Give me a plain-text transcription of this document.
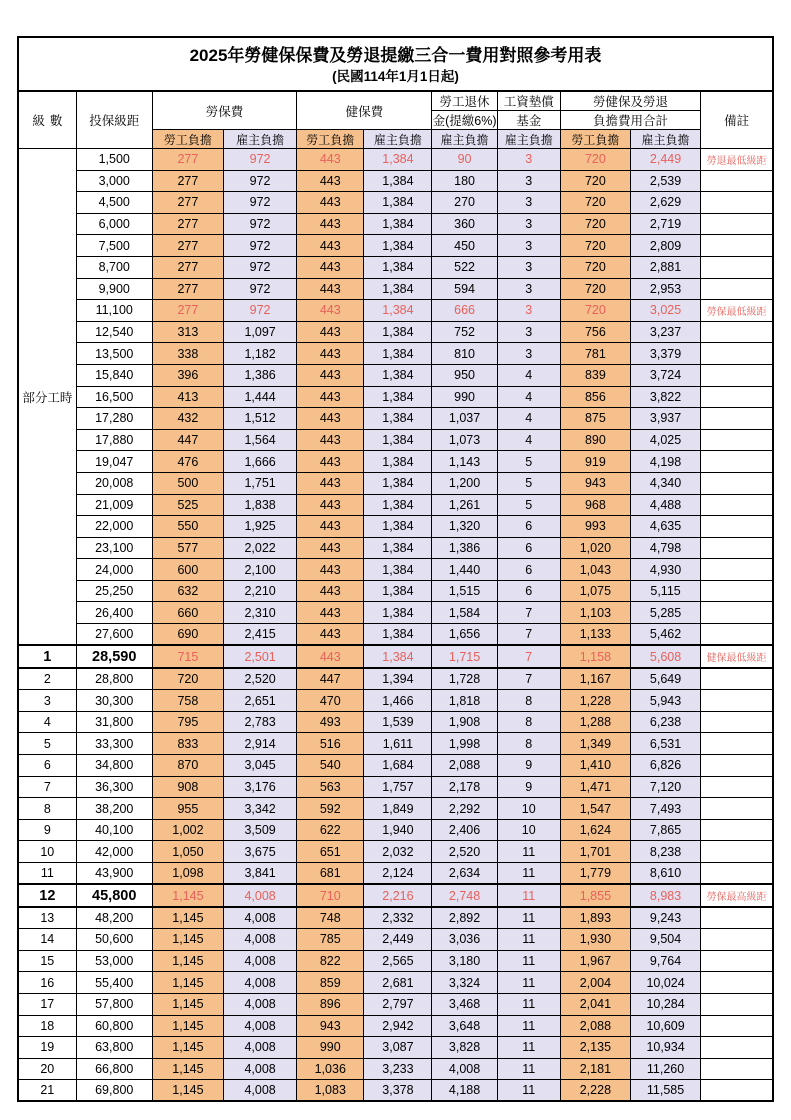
2025年勞健保保費及勞退提繳三合一費用對照參考用表
(民國114年1月1日起)										

級數	投保級距	勞保費		健保費		勞工退休	工資墊償	勞健保及勞退		備註
						金(提繳6%)	基金	負擔費用合計		
		勞工負擔	雇主負擔	勞工負擔	雇主負擔	雇主負擔	雇主負擔	勞工負擔	雇主負擔	
部分工時	1,500	277	972	443	1,384	90	3	720	2,449	勞退最低級距
	3,000	277	972	443	1,384	180	3	720	2,539	
	4,500	277	972	443	1,384	270	3	720	2,629	
	6,000	277	972	443	1,384	360	3	720	2,719	
	7,500	277	972	443	1,384	450	3	720	2,809	
	8,700	277	972	443	1,384	522	3	720	2,881	
	9,900	277	972	443	1,384	594	3	720	2,953	
	11,100	277	972	443	1,384	666	3	720	3,025	勞保最低級距
	12,540	313	1,097	443	1,384	752	3	756	3,237	
	13,500	338	1,182	443	1,384	810	3	781	3,379	
	15,840	396	1,386	443	1,384	950	4	839	3,724	
	16,500	413	1,444	443	1,384	990	4	856	3,822	
	17,280	432	1,512	443	1,384	1,037	4	875	3,937	
	17,880	447	1,564	443	1,384	1,073	4	890	4,025	
	19,047	476	1,666	443	1,384	1,143	5	919	4,198	
	20,008	500	1,751	443	1,384	1,200	5	943	4,340	
	21,009	525	1,838	443	1,384	1,261	5	968	4,488	
	22,000	550	1,925	443	1,384	1,320	6	993	4,635	
	23,100	577	2,022	443	1,384	1,386	6	1,020	4,798	
	24,000	600	2,100	443	1,384	1,440	6	1,043	4,930	
	25,250	632	2,210	443	1,384	1,515	6	1,075	5,115	
	26,400	660	2,310	443	1,384	1,584	7	1,103	5,285	
	27,600	690	2,415	443	1,384	1,656	7	1,133	5,462	
1	28,590	715	2,501	443	1,384	1,715	7	1,158	5,608	健保最低級距
2	28,800	720	2,520	447	1,394	1,728	7	1,167	5,649	
3	30,300	758	2,651	470	1,466	1,818	8	1,228	5,943	
4	31,800	795	2,783	493	1,539	1,908	8	1,288	6,238	
5	33,300	833	2,914	516	1,611	1,998	8	1,349	6,531	
6	34,800	870	3,045	540	1,684	2,088	9	1,410	6,826	
7	36,300	908	3,176	563	1,757	2,178	9	1,471	7,120	
8	38,200	955	3,342	592	1,849	2,292	10	1,547	7,493	
9	40,100	1,002	3,509	622	1,940	2,406	10	1,624	7,865	
10	42,000	1,050	3,675	651	2,032	2,520	11	1,701	8,238	
11	43,900	1,098	3,841	681	2,124	2,634	11	1,779	8,610	
12	45,800	1,145	4,008	710	2,216	2,748	11	1,855	8,983	勞保最高級距
13	48,200	1,145	4,008	748	2,332	2,892	11	1,893	9,243	
14	50,600	1,145	4,008	785	2,449	3,036	11	1,930	9,504	
15	53,000	1,145	4,008	822	2,565	3,180	11	1,967	9,764	
16	55,400	1,145	4,008	859	2,681	3,324	11	2,004	10,024	
17	57,800	1,145	4,008	896	2,797	3,468	11	2,041	10,284	
18	60,800	1,145	4,008	943	2,942	3,648	11	2,088	10,609	
19	63,800	1,145	4,008	990	3,087	3,828	11	2,135	10,934	
20	66,800	1,145	4,008	1,036	3,233	4,008	11	2,181	11,260	
21	69,800	1,145	4,008	1,083	3,378	4,188	11	2,228	11,585	
